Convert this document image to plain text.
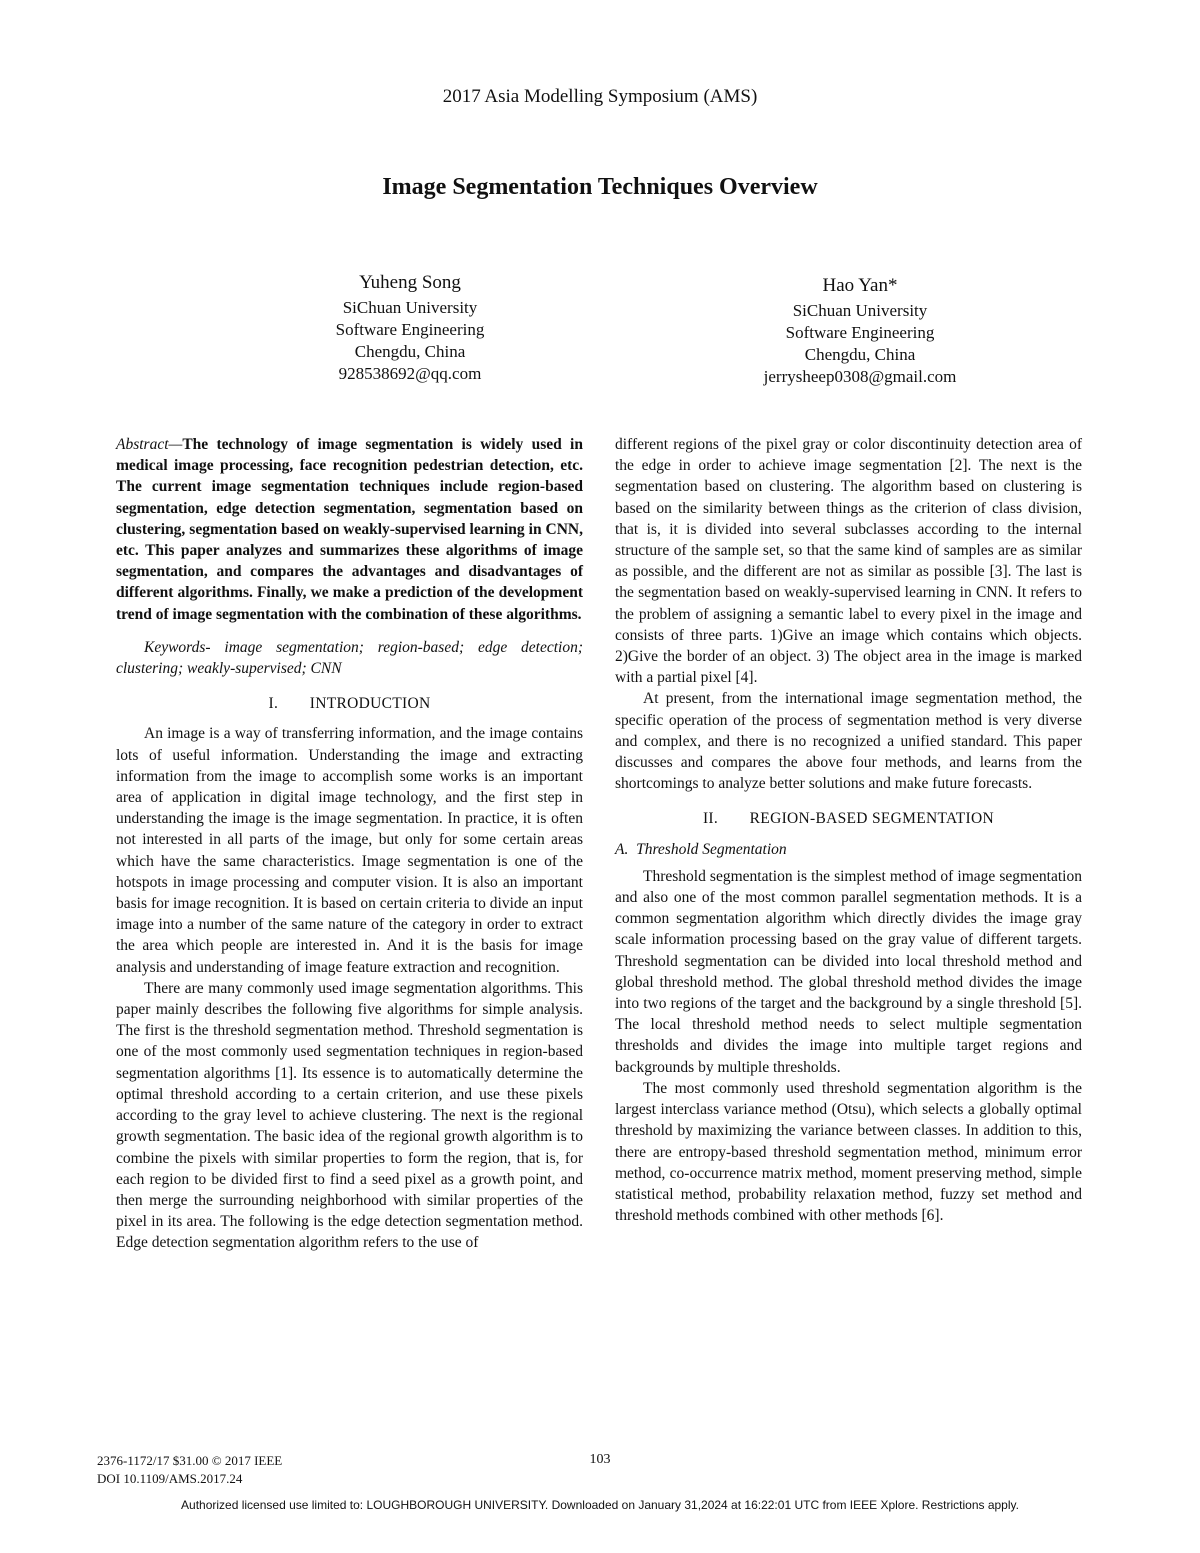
2017 Asia Modelling Symposium (AMS)
Image Segmentation Techniques Overview
Yuheng Song
SiChuan University
Software Engineering
Chengdu, China
928538692@qq.com
Hao Yan*
SiChuan University
Software Engineering
Chengdu, China
jerrysheep0308@gmail.com

Abstract—The technology of image segmentation is widely used in medical image processing, face recognition pedestrian detection, etc. The current image segmentation techniques include region-based segmentation, edge detection segmentation, segmentation based on clustering, segmentation based on weakly-supervised learning in CNN, etc. This paper analyzes and summarizes these algorithms of image segmentation, and compares the advantages and disadvantages of different algorithms. Finally, we make a prediction of the development trend of image segmentation with the combination of these algorithms.

Keywords- image segmentation; region-based; edge detection; clustering; weakly-supervised; CNN

I.  INTRODUCTION

An image is a way of transferring information, and the image contains lots of useful information. Understanding the image and extracting information from the image to accomplish some works is an important area of application in digital image technology, and the first step in understanding the image is the image segmentation. In practice, it is often not interested in all parts of the image, but only for some certain areas which have the same characteristics. Image segmentation is one of the hotspots in image processing and computer vision. It is also an important basis for image recognition. It is based on certain criteria to divide an input image into a number of the same nature of the category in order to extract the area which people are interested in. And it is the basis for image analysis and understanding of image feature extraction and recognition.

There are many commonly used image segmentation algorithms. This paper mainly describes the following five algorithms for simple analysis. The first is the threshold segmentation method. Threshold segmentation is one of the most commonly used segmentation techniques in region-based segmentation algorithms [1]. Its essence is to automatically determine the optimal threshold according to a certain criterion, and use these pixels according to the gray level to achieve clustering. The next is the regional growth segmentation. The basic idea of the regional growth algorithm is to combine the pixels with similar properties to form the region, that is, for each region to be divided first to find a seed pixel as a growth point, and then merge the surrounding neighborhood with similar properties of the pixel in its area. The following is the edge detection segmentation method. Edge detection segmentation algorithm refers to the use of

different regions of the pixel gray or color discontinuity detection area of the edge in order to achieve image segmentation [2]. The next is the segmentation based on clustering. The algorithm based on clustering is based on the similarity between things as the criterion of class division, that is, it is divided into several subclasses according to the internal structure of the sample set, so that the same kind of samples are as similar as possible, and the different are not as similar as possible [3]. The last is the segmentation based on weakly-supervised learning in CNN. It refers to the problem of assigning a semantic label to every pixel in the image and consists of three parts. 1)Give an image which contains which objects. 2)Give the border of an object. 3) The object area in the image is marked with a partial pixel [4].

At present, from the international image segmentation method, the specific operation of the process of segmentation method is very diverse and complex, and there is no recognized a unified standard. This paper discusses and compares the above four methods, and learns from the shortcomings to analyze better solutions and make future forecasts.

II.  REGION-BASED SEGMENTATION

A. Threshold Segmentation

Threshold segmentation is the simplest method of image segmentation and also one of the most common parallel segmentation methods. It is a common segmentation algorithm which directly divides the image gray scale information processing based on the gray value of different targets. Threshold segmentation can be divided into local threshold method and global threshold method. The global threshold method divides the image into two regions of the target and the background by a single threshold [5]. The local threshold method needs to select multiple segmentation thresholds and divides the image into multiple target regions and backgrounds by multiple thresholds.

The most commonly used threshold segmentation algorithm is the largest interclass variance method (Otsu), which selects a globally optimal threshold by maximizing the variance between classes. In addition to this, there are entropy-based threshold segmentation method, minimum error method, co-occurrence matrix method, moment preserving method, simple statistical method, probability relaxation method, fuzzy set method and threshold methods combined with other methods [6].

2376-1172/17 $31.00 © 2017 IEEE
DOI 10.1109/AMS.2017.24
103
Authorized licensed use limited to: LOUGHBOROUGH UNIVERSITY. Downloaded on January 31,2024 at 16:22:01 UTC from IEEE Xplore. Restrictions apply.
